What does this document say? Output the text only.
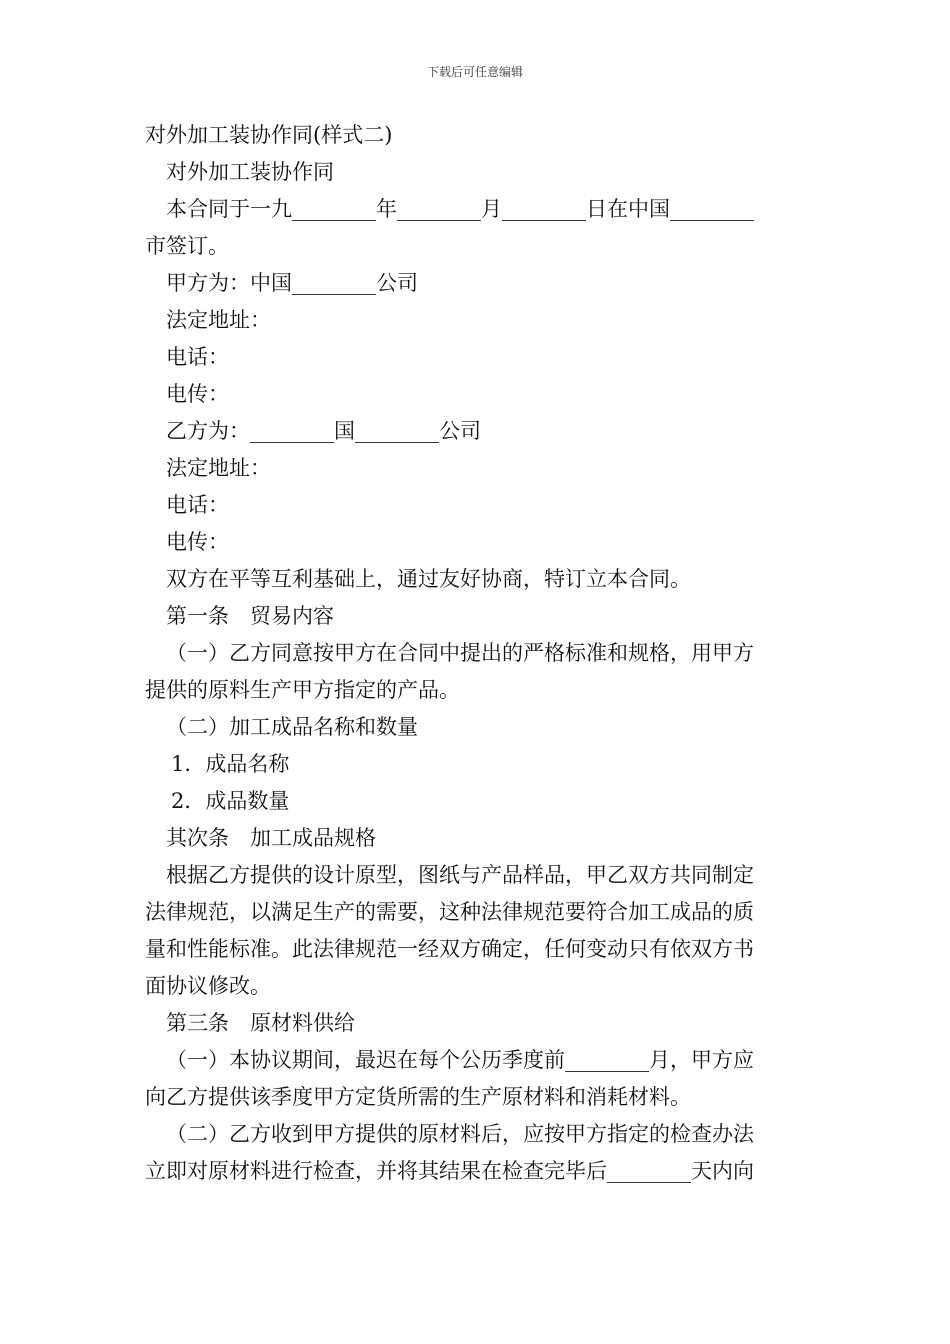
下载后可任意编辑

对外加工装协作同(样式二)

对外加工装协作同

本合同于一九________年________月________日在中国________

市签订。

甲方为：中国________公司

法定地址：

电话：

电传：

乙方为：________国________公司

法定地址：

电话：

电传：

双方在平等互利基础上，通过友好协商，特订立本合同。

第一条　贸易内容

（一）乙方同意按甲方在合同中提出的严格标准和规格，用甲方

提供的原料生产甲方指定的产品。

（二）加工成品名称和数量

1．成品名称

2．成品数量

其次条　加工成品规格

根据乙方提供的设计原型，图纸与产品样品，甲乙双方共同制定

法律规范，以满足生产的需要，这种法律规范要符合加工成品的质

量和性能标准。此法律规范一经双方确定，任何变动只有依双方书

面协议修改。

第三条　原材料供给

（一）本协议期间，最迟在每个公历季度前________月，甲方应

向乙方提供该季度甲方定货所需的生产原材料和消耗材料。

（二）乙方收到甲方提供的原材料后，应按甲方指定的检查办法

立即对原材料进行检查，并将其结果在检查完毕后________天内向
